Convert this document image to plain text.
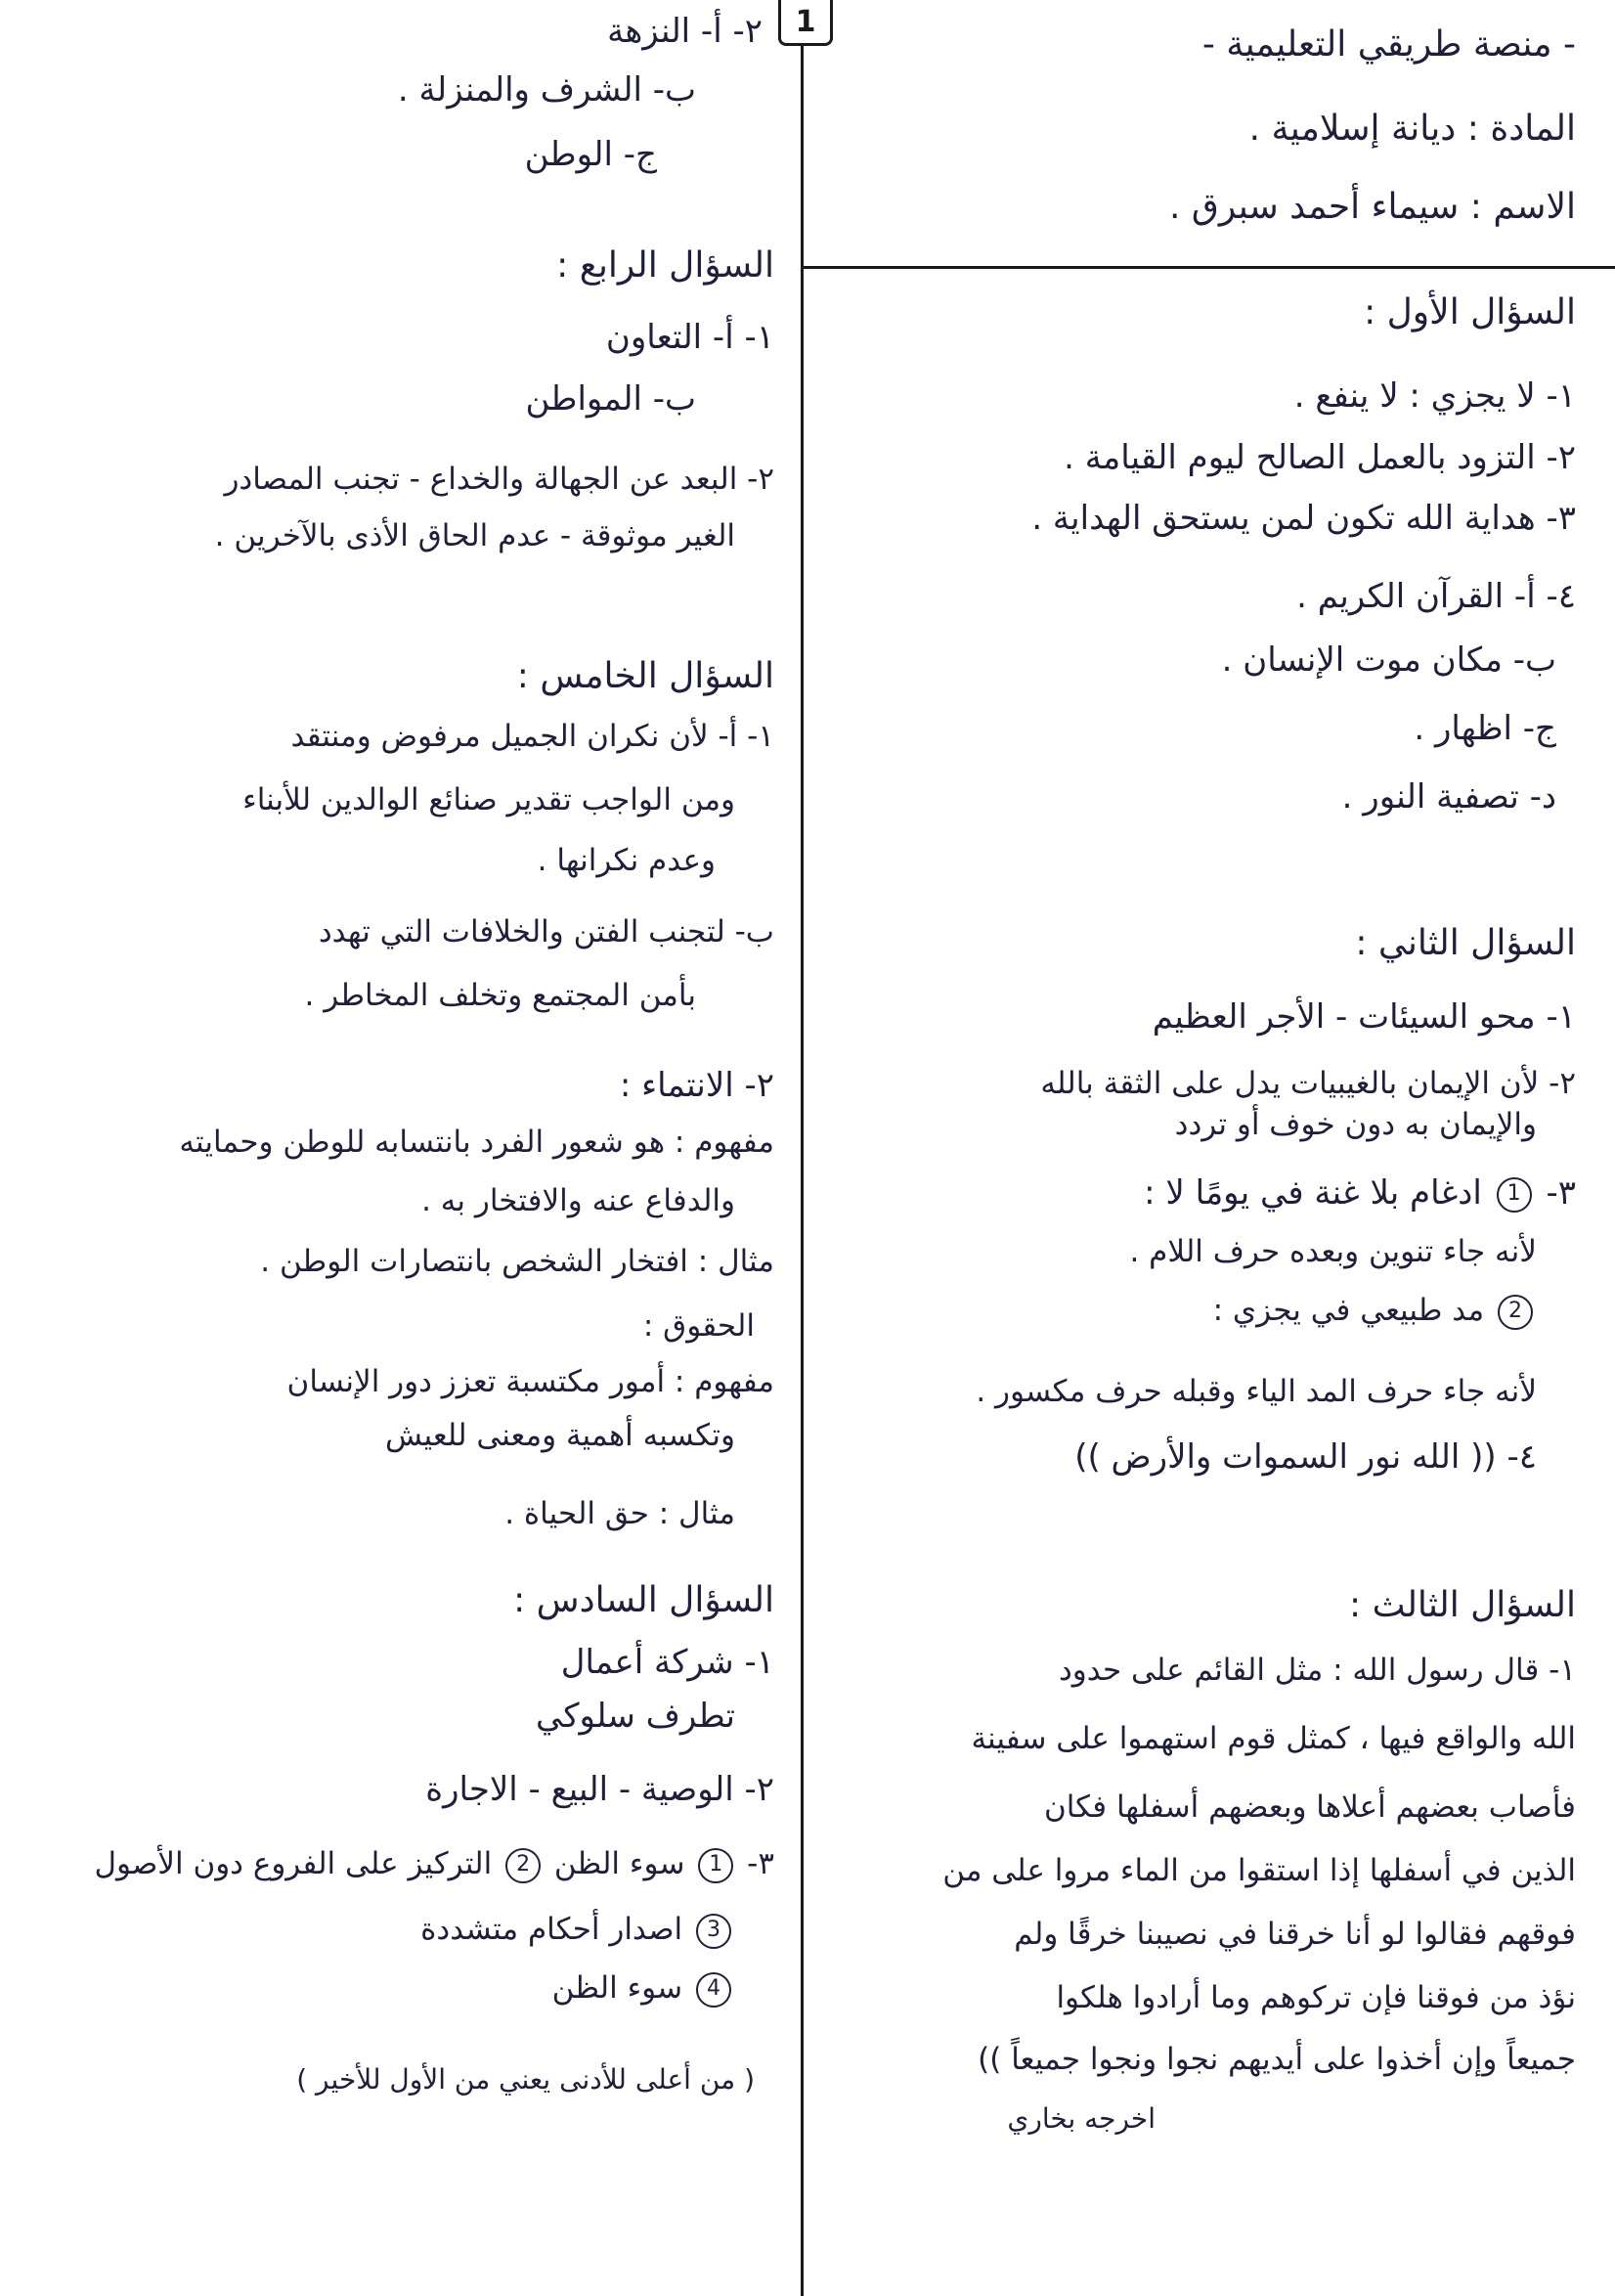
1
- منصة طريقي التعليمية -
المادة : ديانة إسلامية .
الاسم : سيماء أحمد سبرق .
السؤال الأول :
١- لا يجزي : لا ينفع .
٢- التزود بالعمل الصالح ليوم القيامة .
٣- هداية الله تكون لمن يستحق الهداية .
٤- أ- القرآن الكريم .
ب- مكان موت الإنسان .
ج- اظهار .
د- تصفية النور .
السؤال الثاني :
١- محو السيئات - الأجر العظيم
٢- لأن الإيمان بالغيبيات يدل على الثقة بالله
والإيمان به دون خوف أو تردد
٣- 1 ادغام بلا غنة في يومًا لا :
لأنه جاء تنوين وبعده حرف اللام .
2 مد طبيعي في يجزي :
لأنه جاء حرف المد الياء وقبله حرف مكسور .
٤- (( الله نور السموات والأرض ))
السؤال الثالث :
١- قال رسول الله : مثل القائم على حدود
الله والواقع فيها ، كمثل قوم استهموا على سفينة
فأصاب بعضهم أعلاها وبعضهم أسفلها فكان
الذين في أسفلها إذا استقوا من الماء مروا على من
فوقهم فقالوا لو أنا خرقنا في نصيبنا خرقًا ولم
نؤذ من فوقنا فإن تركوهم وما أرادوا هلكوا
جميعاً وإن أخذوا على أيديهم نجوا ونجوا جميعاً ))
اخرجه بخاري
٢- أ- النزهة
ب- الشرف والمنزلة .
ج- الوطن
السؤال الرابع :
١- أ- التعاون
ب- المواطن
٢- البعد عن الجهالة والخداع - تجنب المصادر
الغير موثوقة - عدم الحاق الأذى بالآخرين .
السؤال الخامس :
١- أ- لأن نكران الجميل مرفوض ومنتقد
ومن الواجب تقدير صنائع الوالدين للأبناء
وعدم نكرانها .
ب- لتجنب الفتن والخلافات التي تهدد
بأمن المجتمع وتخلف المخاطر .
٢- الانتماء :
مفهوم : هو شعور الفرد بانتسابه للوطن وحمايته
والدفاع عنه والافتخار به .
مثال : افتخار الشخص بانتصارات الوطن .
الحقوق :
مفهوم : أمور مكتسبة تعزز دور الإنسان
وتكسبه أهمية ومعنى للعيش
مثال : حق الحياة .
السؤال السادس :
١- شركة أعمال
تطرف سلوكي
٢- الوصية - البيع - الاجارة
٣- 1 سوء الظن 2 التركيز على الفروع دون الأصول
3 اصدار أحكام متشددة
4 سوء الظن
( من أعلى للأدنى يعني من الأول للأخير )
